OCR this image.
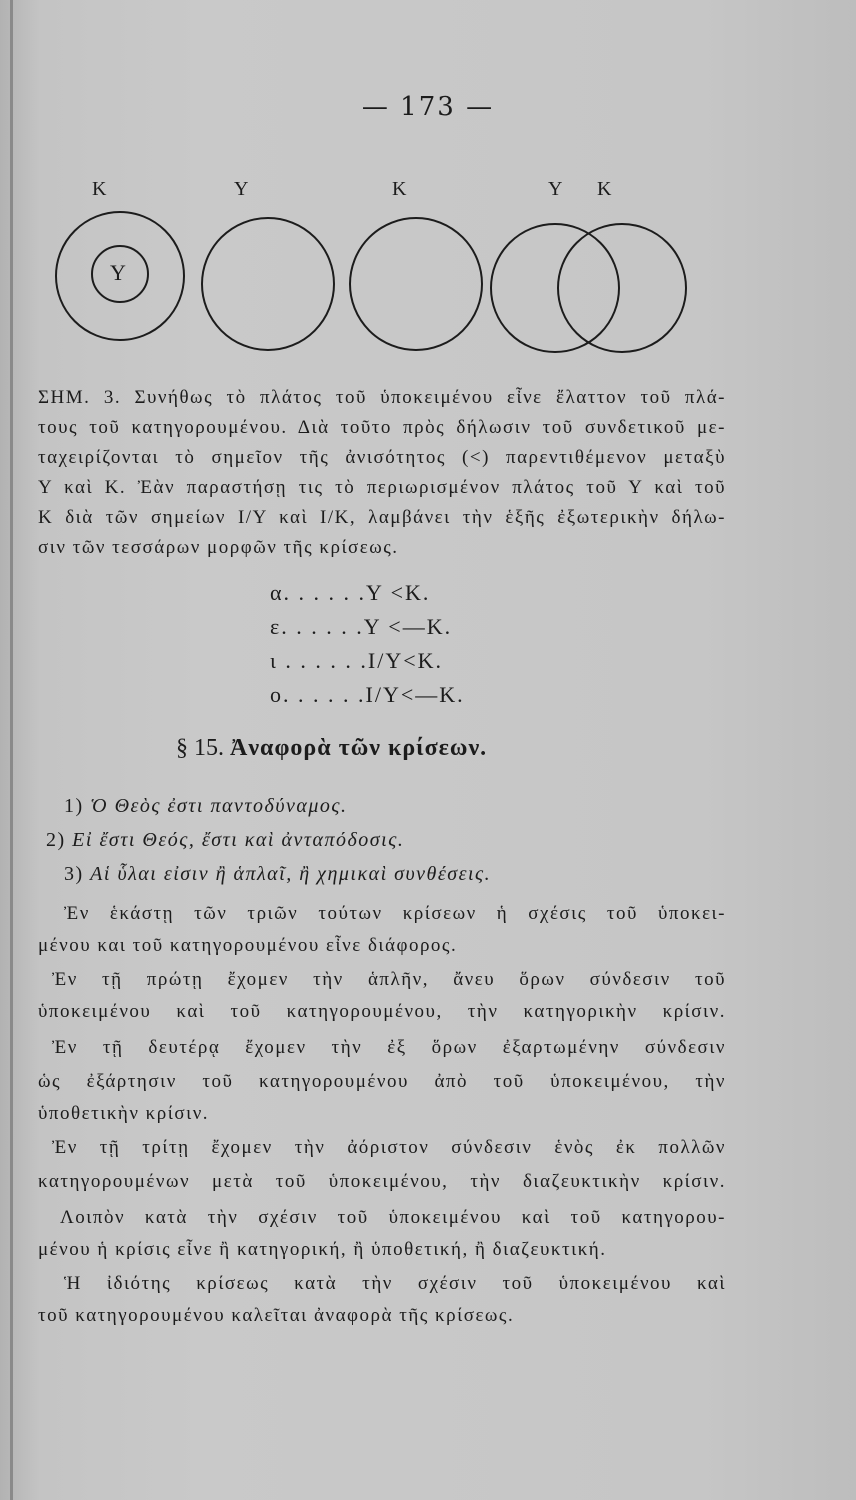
— 173 —
Κ	Υ	Κ	Υ Κ
Υ
ΣΗΜ. 3. Συνήθως τὸ πλάτος τοῦ ὑποκειμένου εἶνε ἔλαττον τοῦ πλά-
τους τοῦ κατηγορουμένου. Διὰ τοῦτο πρὸς δήλωσιν τοῦ συνδετικοῦ με-
ταχειρίζονται τὸ σημεῖον τῆς ἀνισότητος (<) παρεντιθέμενον μεταξὺ
Υ καὶ Κ. Ἐὰν παραστήσῃ τις τὸ περιωρισμένον πλάτος τοῦ Υ καὶ τοῦ
Κ διὰ τῶν σημείων Ι/Υ καὶ Ι/Κ, λαμβάνει τὴν ἑξῆς ἐξωτερικὴν δήλω-
σιν τῶν τεσσάρων μορφῶν τῆς κρίσεως.
α. . . . . .Υ <Κ.
ε. . . . . .Υ <—Κ.
ι . . . . . .Ι/Υ<Κ.
ο. . . . . .Ι/Υ<—Κ.
§ 15. Ἀναφορὰ τῶν κρίσεων.
1) Ὁ Θεὸς ἐστι παντοδύναμος.
2) Εἰ ἔστι Θεός, ἔστι καὶ ἀνταπόδοσις.
3) Αἱ ὗλαι εἰσιν ἢ ἁπλαῖ, ἢ χημικαὶ συνθέσεις.
Ἐν ἑκάστῃ τῶν τριῶν τούτων κρίσεων ἡ σχέσις τοῦ ὑποκει-
μένου και τοῦ κατηγορουμένου εἶνε διάφορος.
Ἐν τῇ πρώτῃ ἔχομεν τὴν ἁπλῆν, ἄνευ ὅρων σύνδεσιν τοῦ
ὑποκειμένου καὶ τοῦ κατηγορουμένου, τὴν κατηγορικὴν κρίσιν.
Ἐν τῇ δευτέρᾳ ἔχομεν τὴν ἐξ ὅρων ἐξαρτωμένην σύνδεσιν
ὡς ἐξάρτησιν τοῦ κατηγορουμένου ἀπὸ τοῦ ὑποκειμένου, τὴν
ὑποθετικὴν κρίσιν.
Ἐν τῇ τρίτῃ ἔχομεν τὴν ἀόριστον σύνδεσιν ἑνὸς ἐκ πολλῶν
κατηγορουμένων μετὰ τοῦ ὑποκειμένου, τὴν διαζευκτικὴν κρίσιν.
Λοιπὸν κατὰ τὴν σχέσιν τοῦ ὑποκειμένου καὶ τοῦ κατηγορου-
μένου ἡ κρίσις εἶνε ἢ κατηγορική, ἢ ὑποθετική, ἢ διαζευκτική.
Ἡ ἰδιότης κρίσεως κατὰ τὴν σχέσιν τοῦ ὑποκειμένου καὶ
τοῦ κατηγορουμένου καλεῖται ἀναφορὰ τῆς κρίσεως.
